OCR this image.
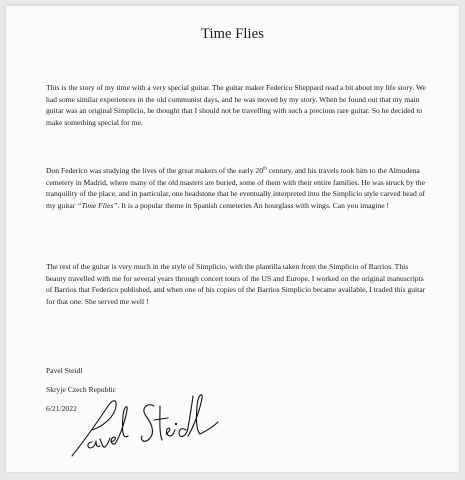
Time Flies

This is the story of my time with a very special guitar. The guitar maker Federico Sheppard read a bit about my life story. We had some similar experiences in the old communist days, and he was moved by my story. When he found out that my main guitar was an original Simplicio, he thought that I should not be travelling with such a precious rare guitar. So he decided to make something special for me.

Don Federico was studying the lives of the great makers of the early 20th century, and his travels took him to the Almudena cemetery in Madrid, where many of the old masters are buried, some of them with their entire families. He was struck by the tranquility of the place, and in particular, one headstone that he eventually interpreted into the Simplicio style carved head of my guitar “Time Flies”. It is a popular theme in Spanish cemeteries An hourglass with wings. Can you imagine !

The rest of the guitar is very much in the style of Simplicio, with the plantilla taken from the Simplicio of Barrios. This beauty travelled with me for several years through concert tours of the US and Europe. I worked on the original manuscripts of Barrios that Federico published, and when one of his copies of the Barrios Simplicio became available, I traded this guitar for that one. She served me well !

Pavel Steidl
Skryje Czech Republic
6/21/2022
